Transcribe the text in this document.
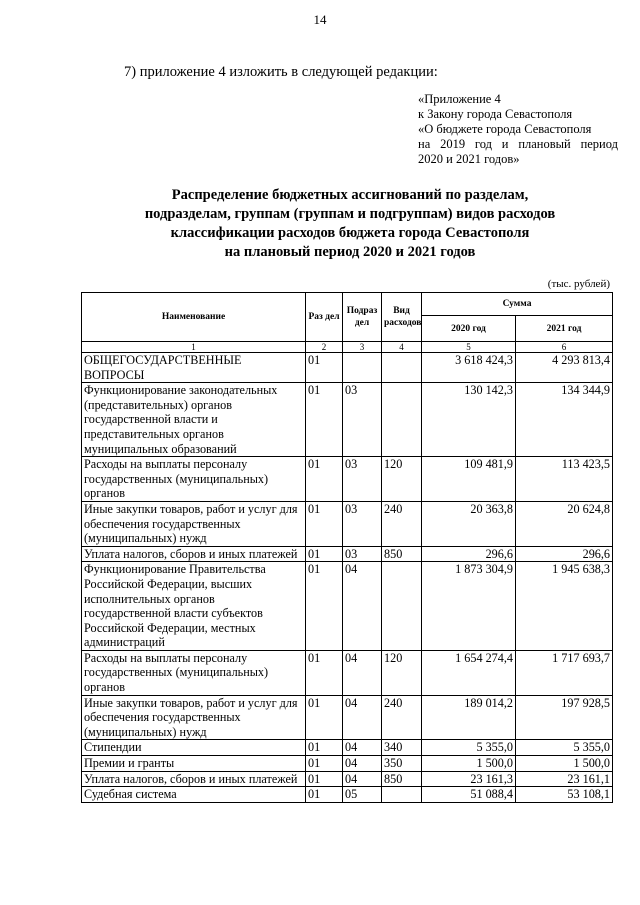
14
7) приложение 4 изложить в следующей редакции:
«Приложение 4
к Закону города Севастополя
«О бюджете города Севастополя
на 2019 год и плановый период
2020 и 2021 годов»
Распределение бюджетных ассигнований по разделам,
подразделам, группам (группам и подгруппам) видов расходов
классификации расходов бюджета города Севастополя
на плановый период 2020 и 2021 годов
(тыс. рублей)
Наименование	Раз дел	Подраз дел	Вид расходов	Сумма	
				2020 год	2021 год
1	2	3	4	5	6
ОБЩЕГОСУДАРСТВЕННЫЕ ВОПРОСЫ	01			3 618 424,3	4 293 813,4
Функционирование законодательных (представительных) органов государственной власти и представительных органов муниципальных образований	01	03		130 142,3	134 344,9
Расходы на выплаты персоналу государственных (муниципальных) органов	01	03	120	109 481,9	113 423,5
Иные закупки товаров, работ и услуг для обеспечения государственных (муниципальных) нужд	01	03	240	20 363,8	20 624,8
Уплата налогов, сборов и иных платежей	01	03	850	296,6	296,6
Функционирование Правительства Российской Федерации, высших исполнительных органов государственной власти субъектов Российской Федерации, местных администраций	01	04		1 873 304,9	1 945 638,3
Расходы на выплаты персоналу государственных (муниципальных) органов	01	04	120	1 654 274,4	1 717 693,7
Иные закупки товаров, работ и услуг для обеспечения государственных (муниципальных) нужд	01	04	240	189 014,2	197 928,5
Стипендии	01	04	340	5 355,0	5 355,0
Премии и гранты	01	04	350	1 500,0	1 500,0
Уплата налогов, сборов и иных платежей	01	04	850	23 161,3	23 161,1
Судебная система	01	05		51 088,4	53 108,1
